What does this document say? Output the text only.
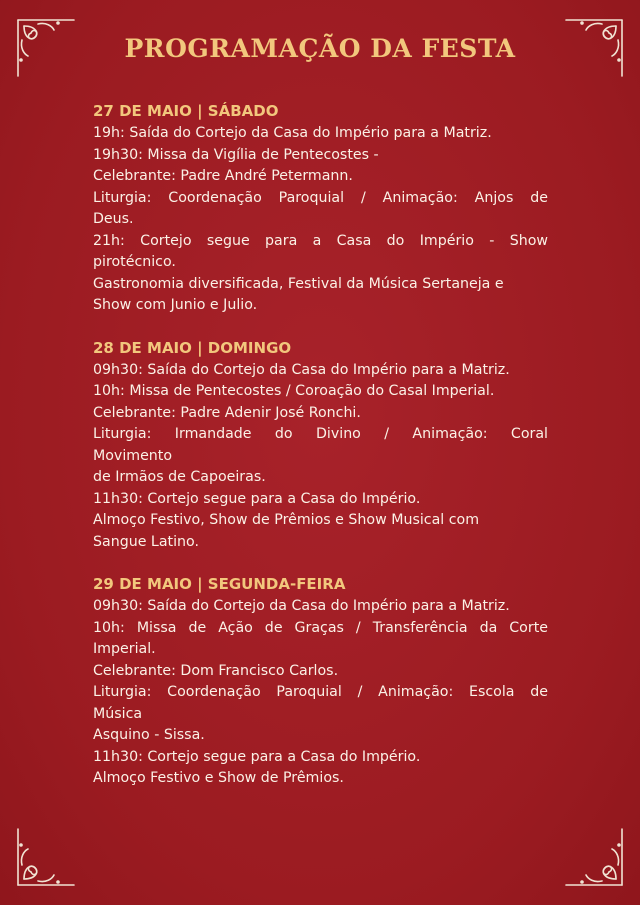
PROGRAMAÇÃO DA FESTA

27 DE MAIO | SÁBADO

19h: Saída do Cortejo da Casa do Império para a Matriz.

19h30: Missa da Vigília de Pentecostes -

Celebrante: Padre André Petermann.

Liturgia: Coordenação Paroquial / Animação: Anjos de

Deus.

21h: Cortejo segue para a Casa do Império - Show

pirotécnico.

Gastronomia diversificada, Festival da Música Sertaneja e

Show com Junio e Julio.

28 DE MAIO | DOMINGO

09h30: Saída do Cortejo da Casa do Império para a Matriz.

10h: Missa de Pentecostes / Coroação do Casal Imperial.

Celebrante: Padre Adenir José Ronchi.

Liturgia: Irmandade do Divino / Animação: Coral

Movimento

de Irmãos de Capoeiras.

11h30: Cortejo segue para a Casa do Império.

Almoço Festivo, Show de Prêmios e Show Musical com

Sangue Latino.

29 DE MAIO | SEGUNDA-FEIRA

09h30: Saída do Cortejo da Casa do Império para a Matriz.

10h: Missa de Ação de Graças / Transferência da Corte

Imperial.

Celebrante: Dom Francisco Carlos.

Liturgia: Coordenação Paroquial / Animação: Escola de

Música

Asquino - Sissa.

11h30: Cortejo segue para a Casa do Império.

Almoço Festivo e Show de Prêmios.
